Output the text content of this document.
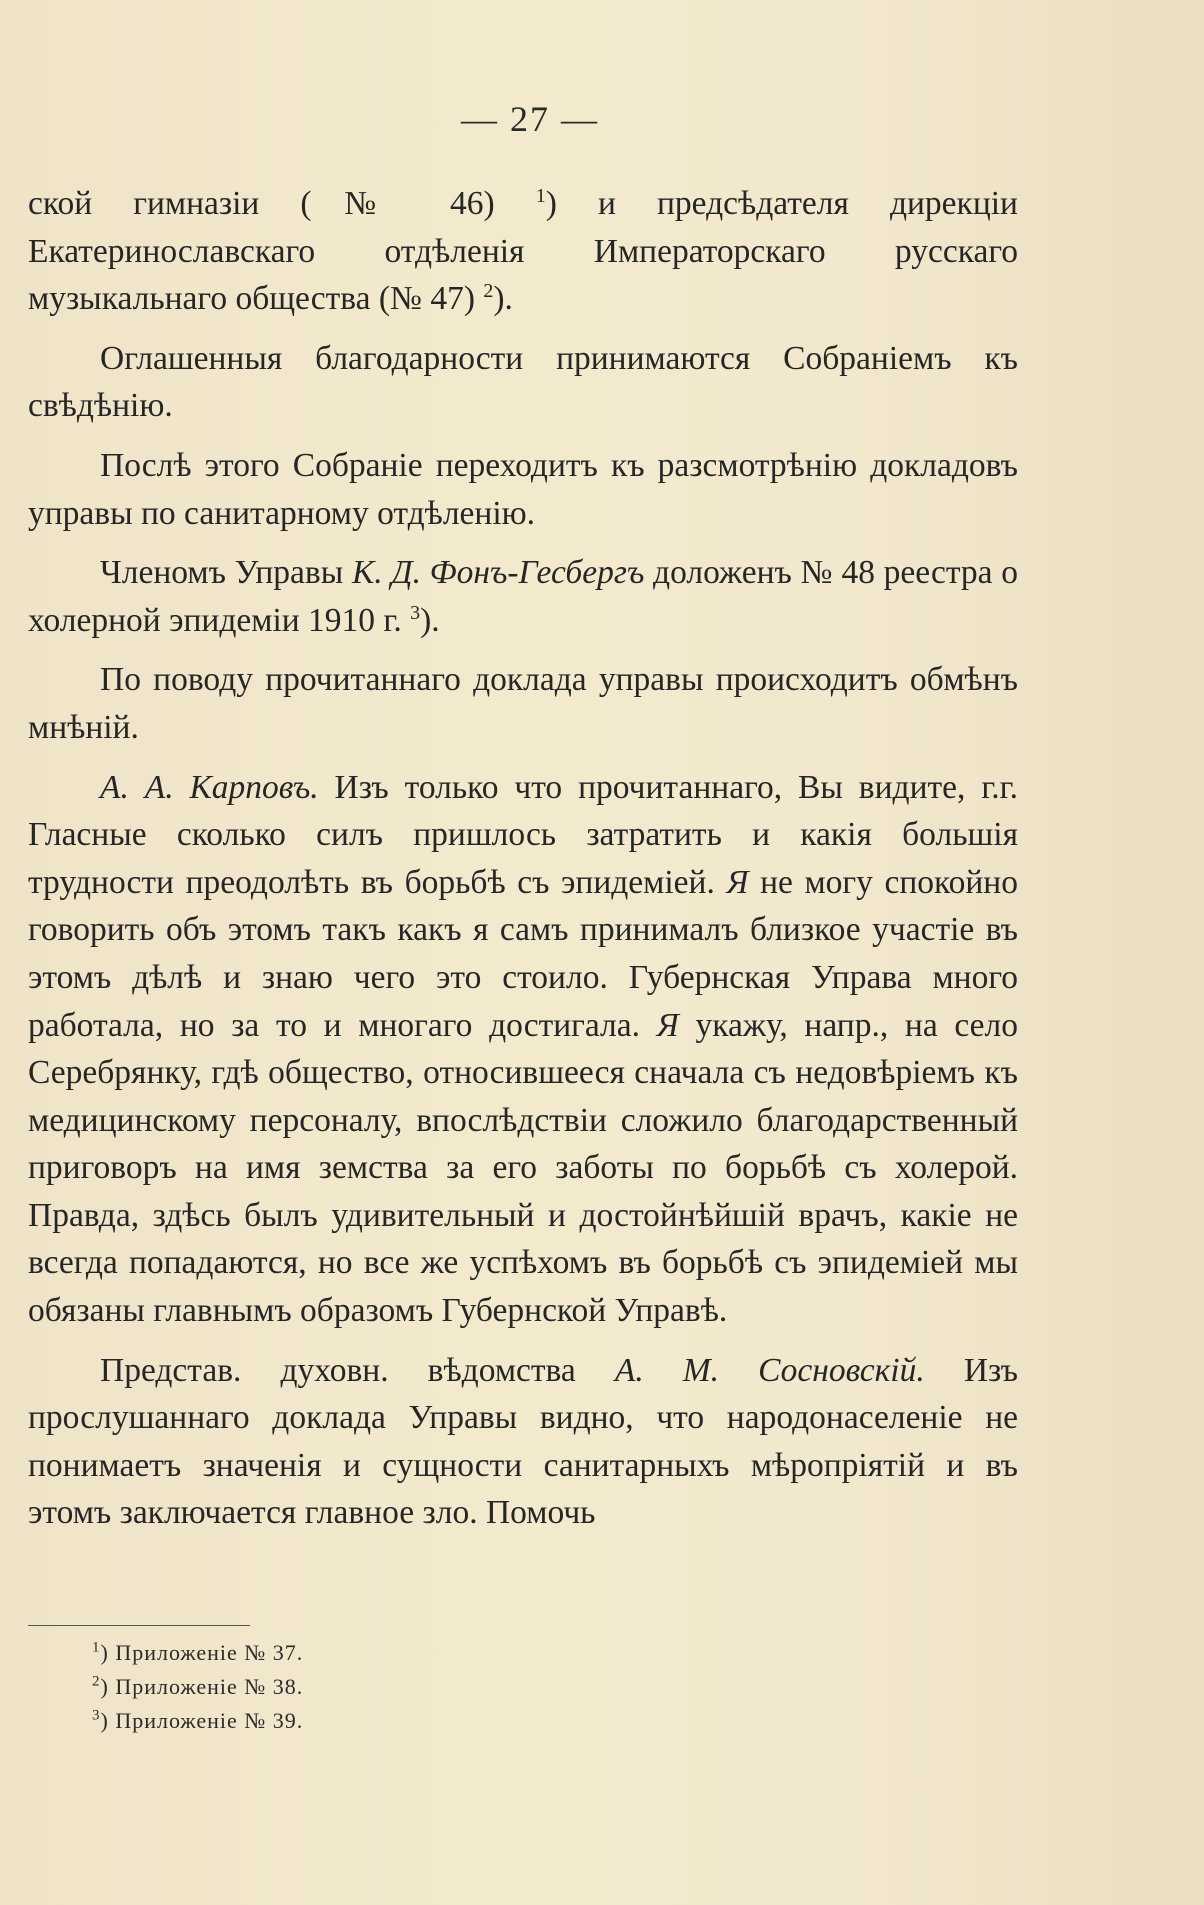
— 27 —

ской гимназіи (№ 46) $^1$) и предсѣдателя дирекціи Екатеринославскаго отдѣленія Императорскаго русскаго музыкальнаго общества (№ 47) $^2$).

Оглашенныя благодарности принимаются Собраніемъ къ свѣдѣнію.

Послѣ этого Собраніе переходитъ къ разсмотрѣнію докладовъ управы по санитарному отдѣленію.

Членомъ Управы К. Д. Фонъ-Гесбергъ доложенъ № 48 реестра о холерной эпидеміи 1910 г. $^3$).

По поводу прочитаннаго доклада управы происходитъ обмѣнъ мнѣній.

А. А. Карповъ. Изъ только что прочитаннаго, Вы видите, г.г. Гласные сколько силъ пришлось затратить и какія большія трудности преодолѣть въ борьбѣ съ эпидеміей. Я не могу спокойно говорить объ этомъ такъ какъ я самъ принималъ близкое участіе въ этомъ дѣлѣ и знаю чего это стоило. Губернская Управа много работала, но за то и многаго достигала. Я укажу, напр., на село Серебрянку, гдѣ общество, относившееся сначала съ недовѣріемъ къ медицинскому персоналу, впослѣдствіи сложило благодарственный приговоръ на имя земства за его заботы по борьбѣ съ холерой. Правда, здѣсь былъ удивительный и достойнѣйшій врачъ, какіе не всегда попадаются, но все же успѣхомъ въ борьбѣ съ эпидеміей мы обязаны главнымъ образомъ Губернской Управѣ.

Представ. духовн. вѣдомства А. М. Сосновскій. Изъ прослушаннаго доклада Управы видно, что народонаселеніе не понимаетъ значенія и сущности санитарныхъ мѣропріятій и въ этомъ заключается главное зло. Помочь

$^1$) Приложеніе № 37.
$^2$) Приложеніе № 38.
$^3$) Приложеніе № 39.
